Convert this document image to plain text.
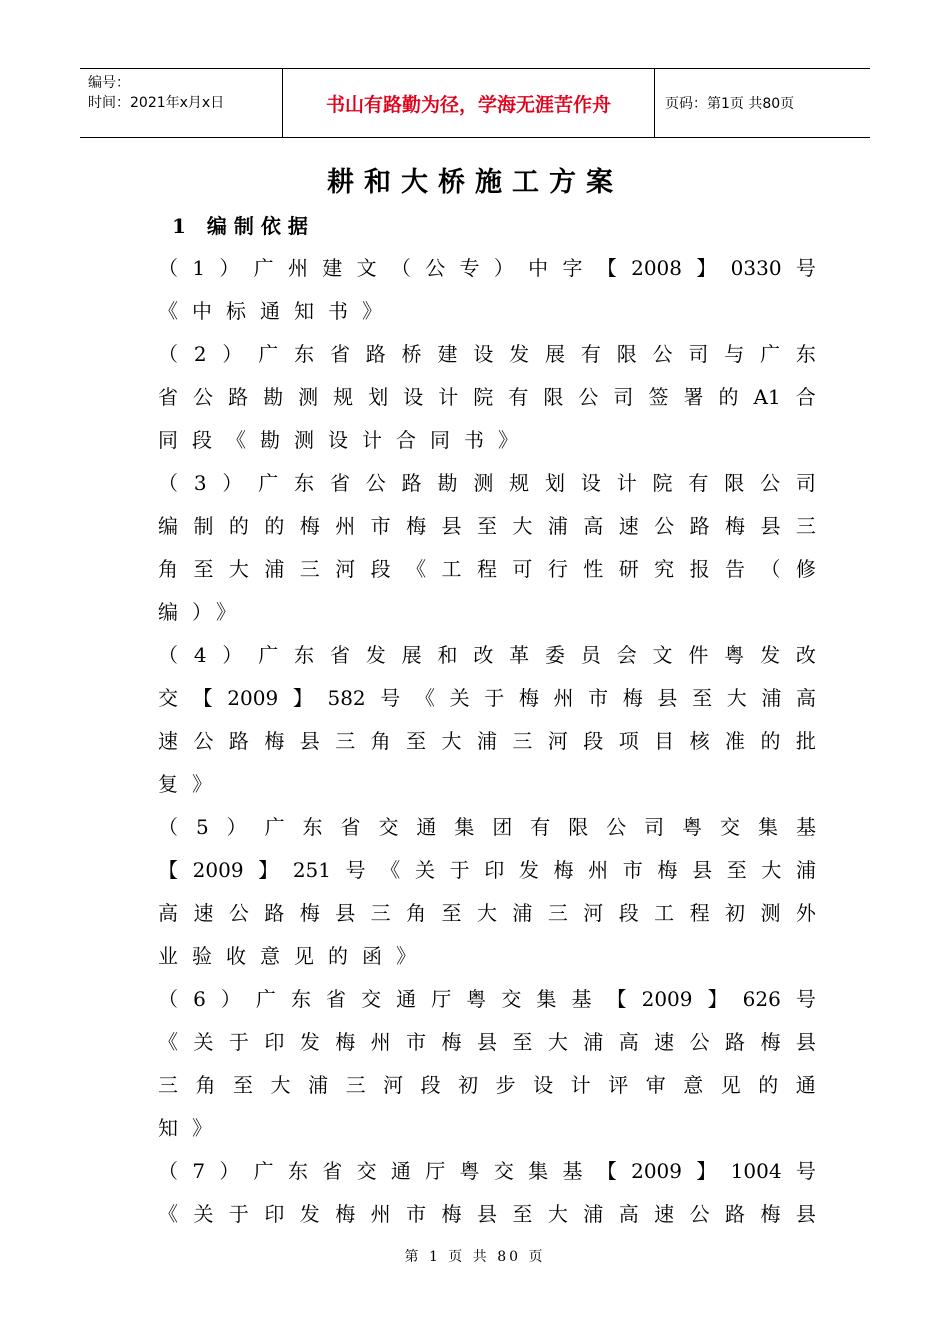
编号：
时间：2021年x月x日	书山有路勤为径，学海无涯苦作舟	页码：第1页 共80页
耕和大桥施工方案
1 编制依据
（ 1 ） 广 州 建 文 （ 公 专 ） 中 字 【 2008 】 0330 号
《中标通知书》
（ 2 ） 广 东 省 路 桥 建 设 发 展 有 限 公 司 与 广 东
省 公 路 勘 测 规 划 设 计 院 有 限 公 司 签 署 的 A1 合
同段《勘测设计合同书》
（ 3 ） 广 东 省 公 路 勘 测 规 划 设 计 院 有 限 公 司
编 制 的 的 梅 州 市 梅 县 至 大 浦 高 速 公 路 梅 县 三
角 至 大 浦 三 河 段 《 工 程 可 行 性 研 究 报 告 （ 修
编）》
（ 4 ） 广 东 省 发 展 和 改 革 委 员 会 文 件 粤 发 改
交 【 2009 】 582 号 《 关 于 梅 州 市 梅 县 至 大 浦 高
速 公 路 梅 县 三 角 至 大 浦 三 河 段 项 目 核 准 的 批
复》
（ 5 ） 广 东 省 交 通 集 团 有 限 公 司 粤 交 集 基
【 2009 】 251 号 《 关 于 印 发 梅 州 市 梅 县 至 大 浦
高 速 公 路 梅 县 三 角 至 大 浦 三 河 段 工 程 初 测 外
业验收意见的函》
（ 6 ） 广 东 省 交 通 厅 粤 交 集 基 【 2009 】 626 号
《 关 于 印 发 梅 州 市 梅 县 至 大 浦 高 速 公 路 梅 县
三 角 至 大 浦 三 河 段 初 步 设 计 评 审 意 见 的 通
知》
（ 7 ） 广 东 省 交 通 厅 粤 交 集 基 【 2009 】 1004 号
《 关 于 印 发 梅 州 市 梅 县 至 大 浦 高 速 公 路 梅 县
第 1 页 共 80 页
